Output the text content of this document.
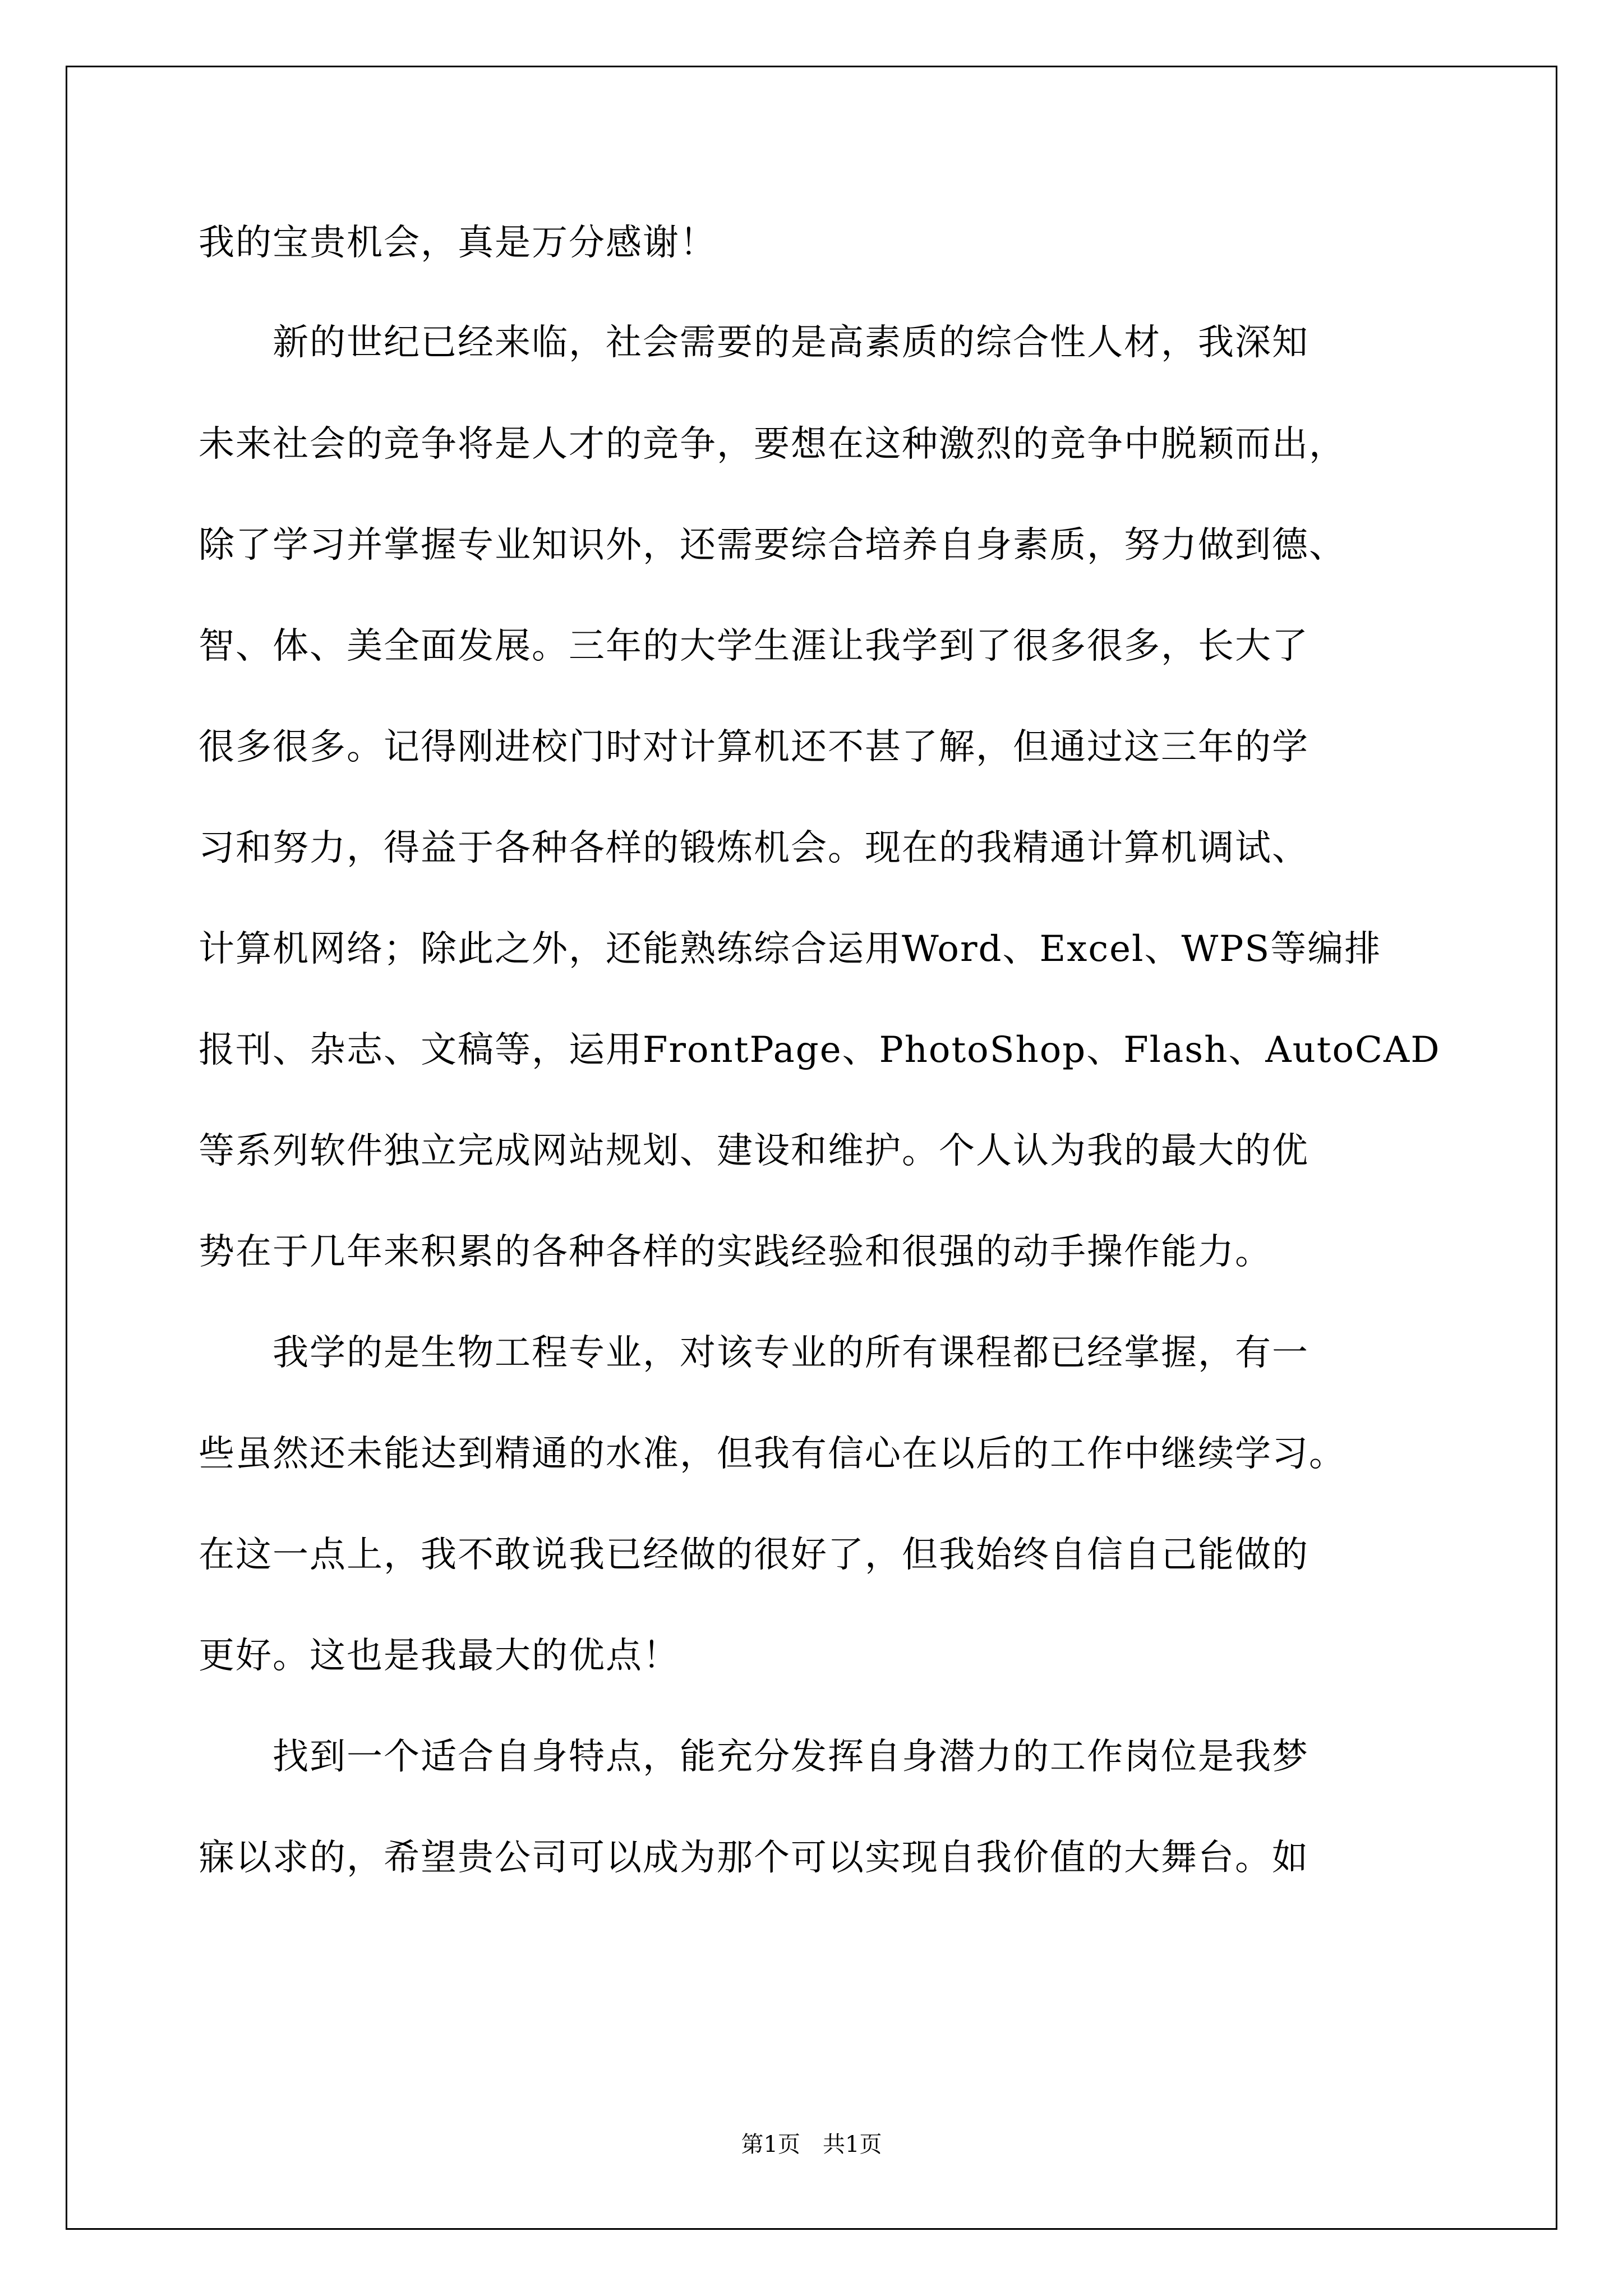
我的宝贵机会，真是万分感谢！
　　新的世纪已经来临，社会需要的是高素质的综合性人材，我深知
未来社会的竞争将是人才的竞争，要想在这种激烈的竞争中脱颖而出，
除了学习并掌握专业知识外，还需要综合培养自身素质，努力做到德、
智、体、美全面发展。三年的大学生涯让我学到了很多很多，长大了
很多很多。记得刚进校门时对计算机还不甚了解，但通过这三年的学
习和努力，得益于各种各样的锻炼机会。现在的我精通计算机调试、
计算机网络；除此之外，还能熟练综合运用Word、Excel、WPS等编排
报刊、杂志、文稿等，运用FrontPage、PhotoShop、Flash、AutoCAD
等系列软件独立完成网站规划、建设和维护。个人认为我的最大的优
势在于几年来积累的各种各样的实践经验和很强的动手操作能力。
　　我学的是生物工程专业，对该专业的所有课程都已经掌握，有一
些虽然还未能达到精通的水准，但我有信心在以后的工作中继续学习。
在这一点上，我不敢说我已经做的很好了，但我始终自信自己能做的
更好。这也是我最大的优点！
　　找到一个适合自身特点，能充分发挥自身潜力的工作岗位是我梦
寐以求的，希望贵公司可以成为那个可以实现自我价值的大舞台。如
第1页　共1页
